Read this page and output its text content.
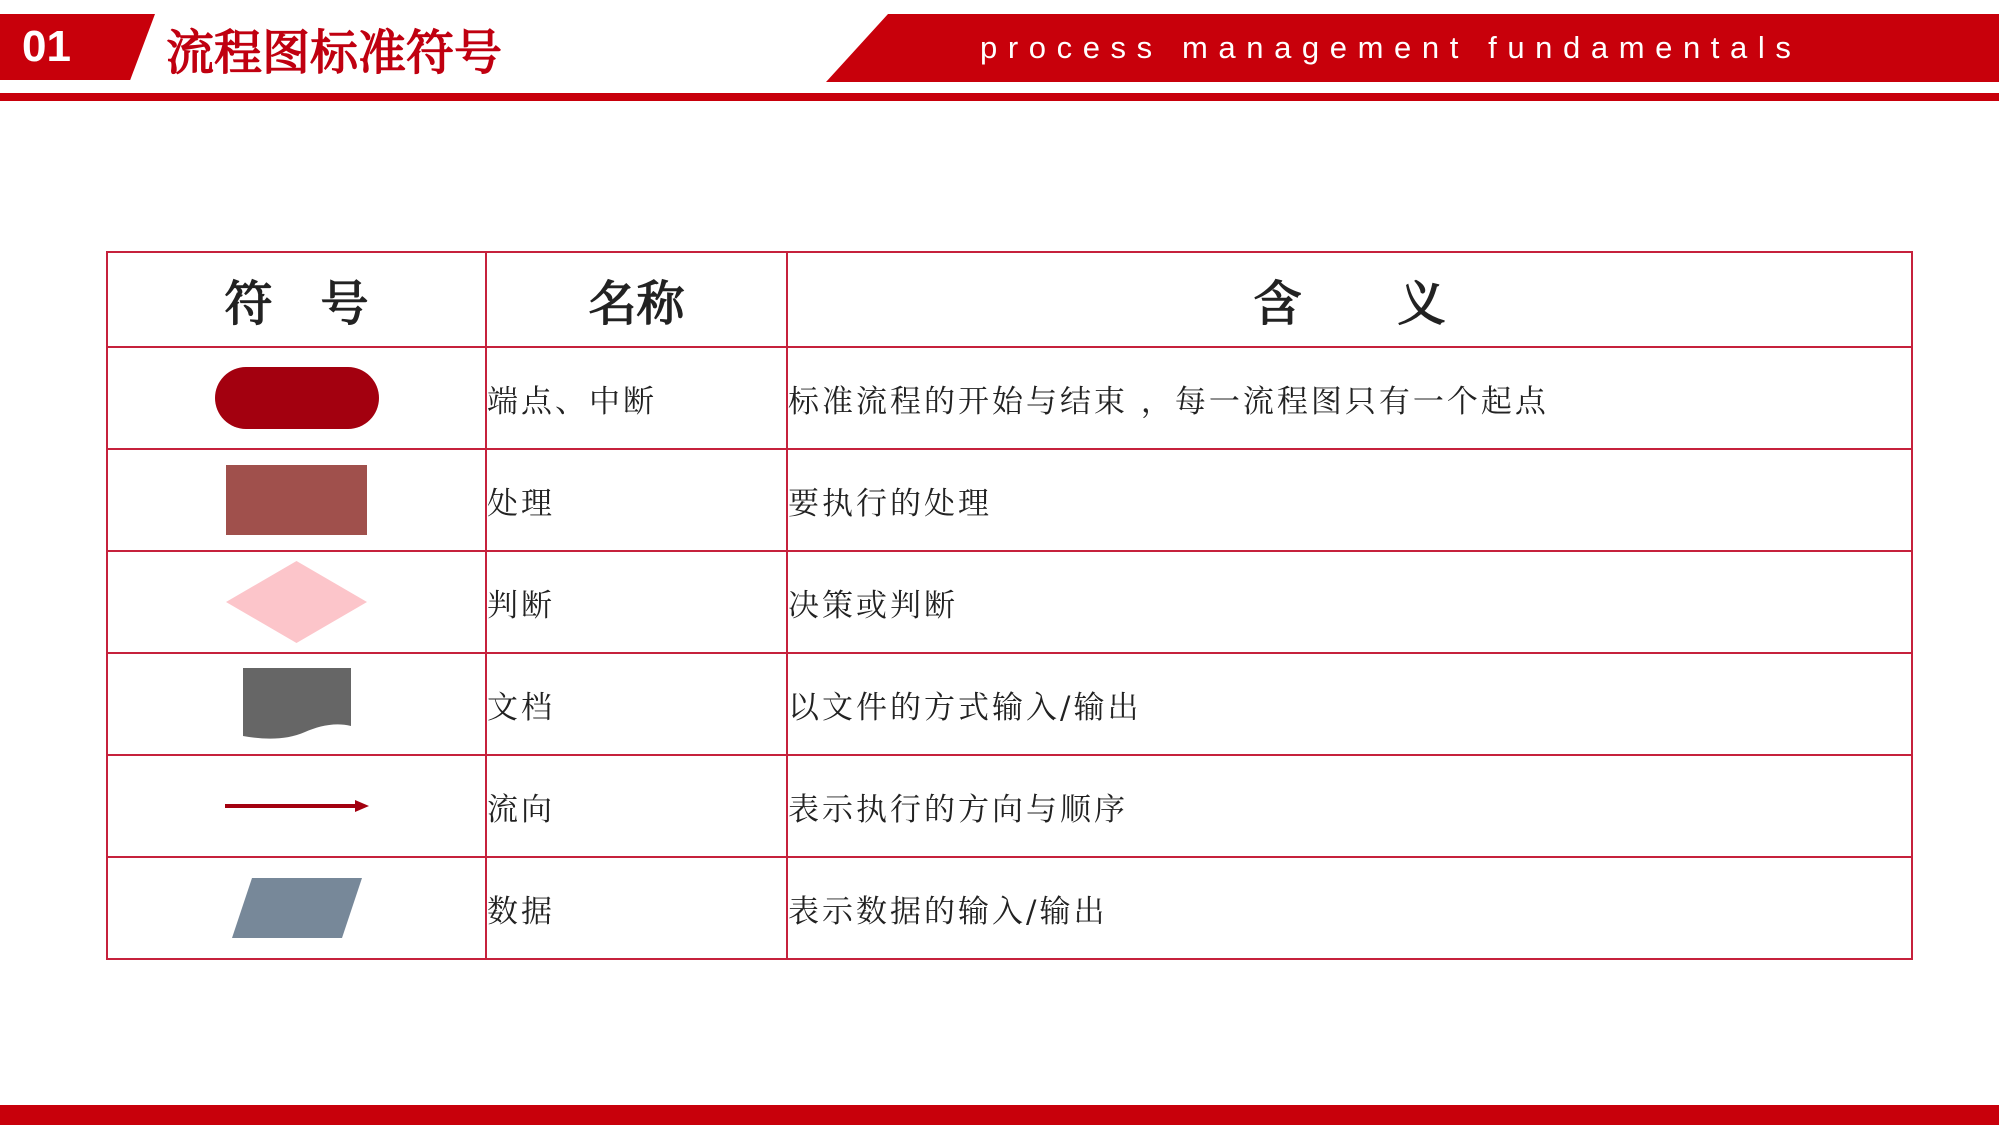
01 流程图标准符号	process management fundamentals
符　号	名称	含　　义

	端点、中断	标准流程的开始与结束 ，每一流程图只有一个起点

	处理	要执行的处理

	判断	决策或判断

	文档	以文件的方式输入/输出

	流向	表示执行的方向与顺序

	数据	表示数据的输入/输出
